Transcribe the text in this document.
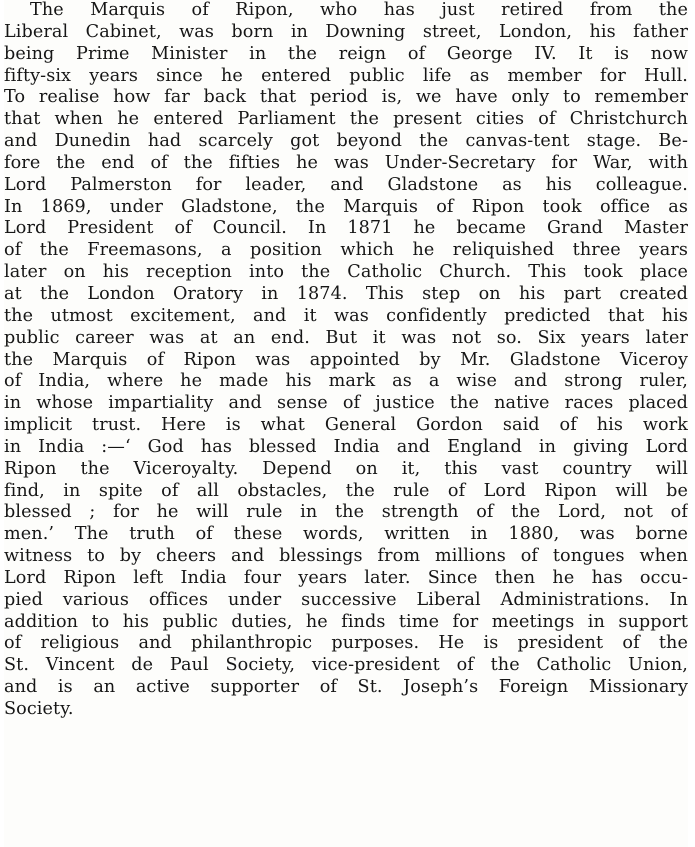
The Marquis of Ripon, who has just retired from the
Liberal Cabinet, was born in Downing street, London, his father
being Prime Minister in the reign of George IV. It is now
fifty-six years since he entered public life as member for Hull.
To realise how far back that period is, we have only to remember
that when he entered Parliament the present cities of Christchurch
and Dunedin had scarcely got beyond the canvas-tent stage. Be-
fore the end of the fifties he was Under-Secretary for War, with
Lord Palmerston for leader, and Gladstone as his colleague.
In 1869, under Gladstone, the Marquis of Ripon took office as
Lord President of Council. In 1871 he became Grand Master
of the Freemasons, a position which he reliquished three years
later on his reception into the Catholic Church. This took place
at the London Oratory in 1874. This step on his part created
the utmost excitement, and it was confidently predicted that his
public career was at an end. But it was not so. Six years later
the Marquis of Ripon was appointed by Mr. Gladstone Viceroy
of India, where he made his mark as a wise and strong ruler,
in whose impartiality and sense of justice the native races placed
implicit trust. Here is what General Gordon said of his work
in India :—‘ God has blessed India and England in giving Lord
Ripon the Viceroyalty. Depend on it, this vast country will
find, in spite of all obstacles, the rule of Lord Ripon will be
blessed ; for he will rule in the strength of the Lord, not of
men.’ The truth of these words, written in 1880, was borne
witness to by cheers and blessings from millions of tongues when
Lord Ripon left India four years later. Since then he has occu-
pied various offices under successive Liberal Administrations. In
addition to his public duties, he finds time for meetings in support
of religious and philanthropic purposes. He is president of the
St. Vincent de Paul Society, vice-president of the Catholic Union,
and is an active supporter of St. Joseph’s Foreign Missionary
Society.
